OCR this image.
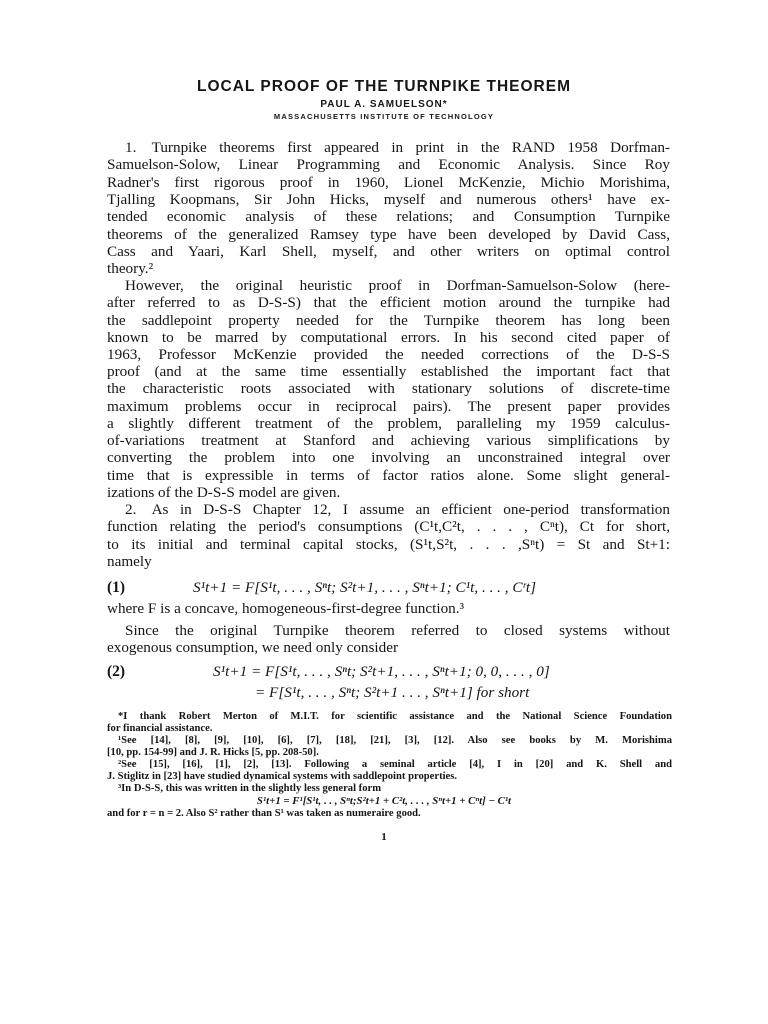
LOCAL PROOF OF THE TURNPIKE THEOREM
PAUL A. SAMUELSON*
MASSACHUSETTS INSTITUTE OF TECHNOLOGY
1. Turnpike theorems first appeared in print in the RAND 1958 Dorfman-
Samuelson-Solow, Linear Programming and Economic Analysis. Since Roy
Radner's first rigorous proof in 1960, Lionel McKenzie, Michio Morishima,
Tjalling Koopmans, Sir John Hicks, myself and numerous others¹ have ex-
tended economic analysis of these relations; and Consumption Turnpike
theorems of the generalized Ramsey type have been developed by David Cass,
Cass and Yaari, Karl Shell, myself, and other writers on optimal control
theory.²
However, the original heuristic proof in Dorfman-Samuelson-Solow (here-
after referred to as D-S-S) that the efficient motion around the turnpike had
the saddlepoint property needed for the Turnpike theorem has long been
known to be marred by computational errors. In his second cited paper of
1963, Professor McKenzie provided the needed corrections of the D-S-S
proof (and at the same time essentially established the important fact that
the characteristic roots associated with stationary solutions of discrete-time
maximum problems occur in reciprocal pairs). The present paper provides
a slightly different treatment of the problem, paralleling my 1959 calculus-
of-variations treatment at Stanford and achieving various simplifications by
converting the problem into one involving an unconstrained integral over
time that is expressible in terms of factor ratios alone. Some slight general-
izations of the D-S-S model are given.
2. As in D-S-S Chapter 12, I assume an efficient one-period transformation
function relating the period's consumptions (C¹t,C²t, . . . , Cⁿt), Ct for short,
to its initial and terminal capital stocks, (S¹t,S²t, . . . ,Sⁿt) = St and St+1:
namely
(1)	S¹t+1 = F[S¹t, . . . , Sⁿt; S²t+1, . . . , Sⁿt+1; C¹t, . . . , Cʳt]
where F is a concave, homogeneous-first-degree function.³
Since the original Turnpike theorem referred to closed systems without
exogenous consumption, we need only consider
(2)	S¹t+1 = F[S¹t, . . . , Sⁿt; S²t+1, . . . , Sⁿt+1; 0, 0, . . . , 0]
= F[S¹t, . . . , Sⁿt; S²t+1 . . . , Sⁿt+1] for short
*I thank Robert Merton of M.I.T. for scientific assistance and the National Science Foundation
for financial assistance.
¹See [14], [8], [9], [10], [6], [7], [18], [21], [3], [12]. Also see books by M. Morishima
[10, pp. 154-99] and J. R. Hicks [5, pp. 208-50].
²See [15], [16], [1], [2], [13]. Following a seminal article [4], I in [20] and K. Shell and
J. Stiglitz in [23] have studied dynamical systems with saddlepoint properties.
³In D-S-S, this was written in the slightly less general form
S¹t+1 = F¹[S¹t, . . , Sⁿt;S²t+1 + C²t, . . . , Sⁿt+1 + Cⁿt] − C¹t
and for r = n = 2. Also S² rather than S¹ was taken as numeraire good.
1
